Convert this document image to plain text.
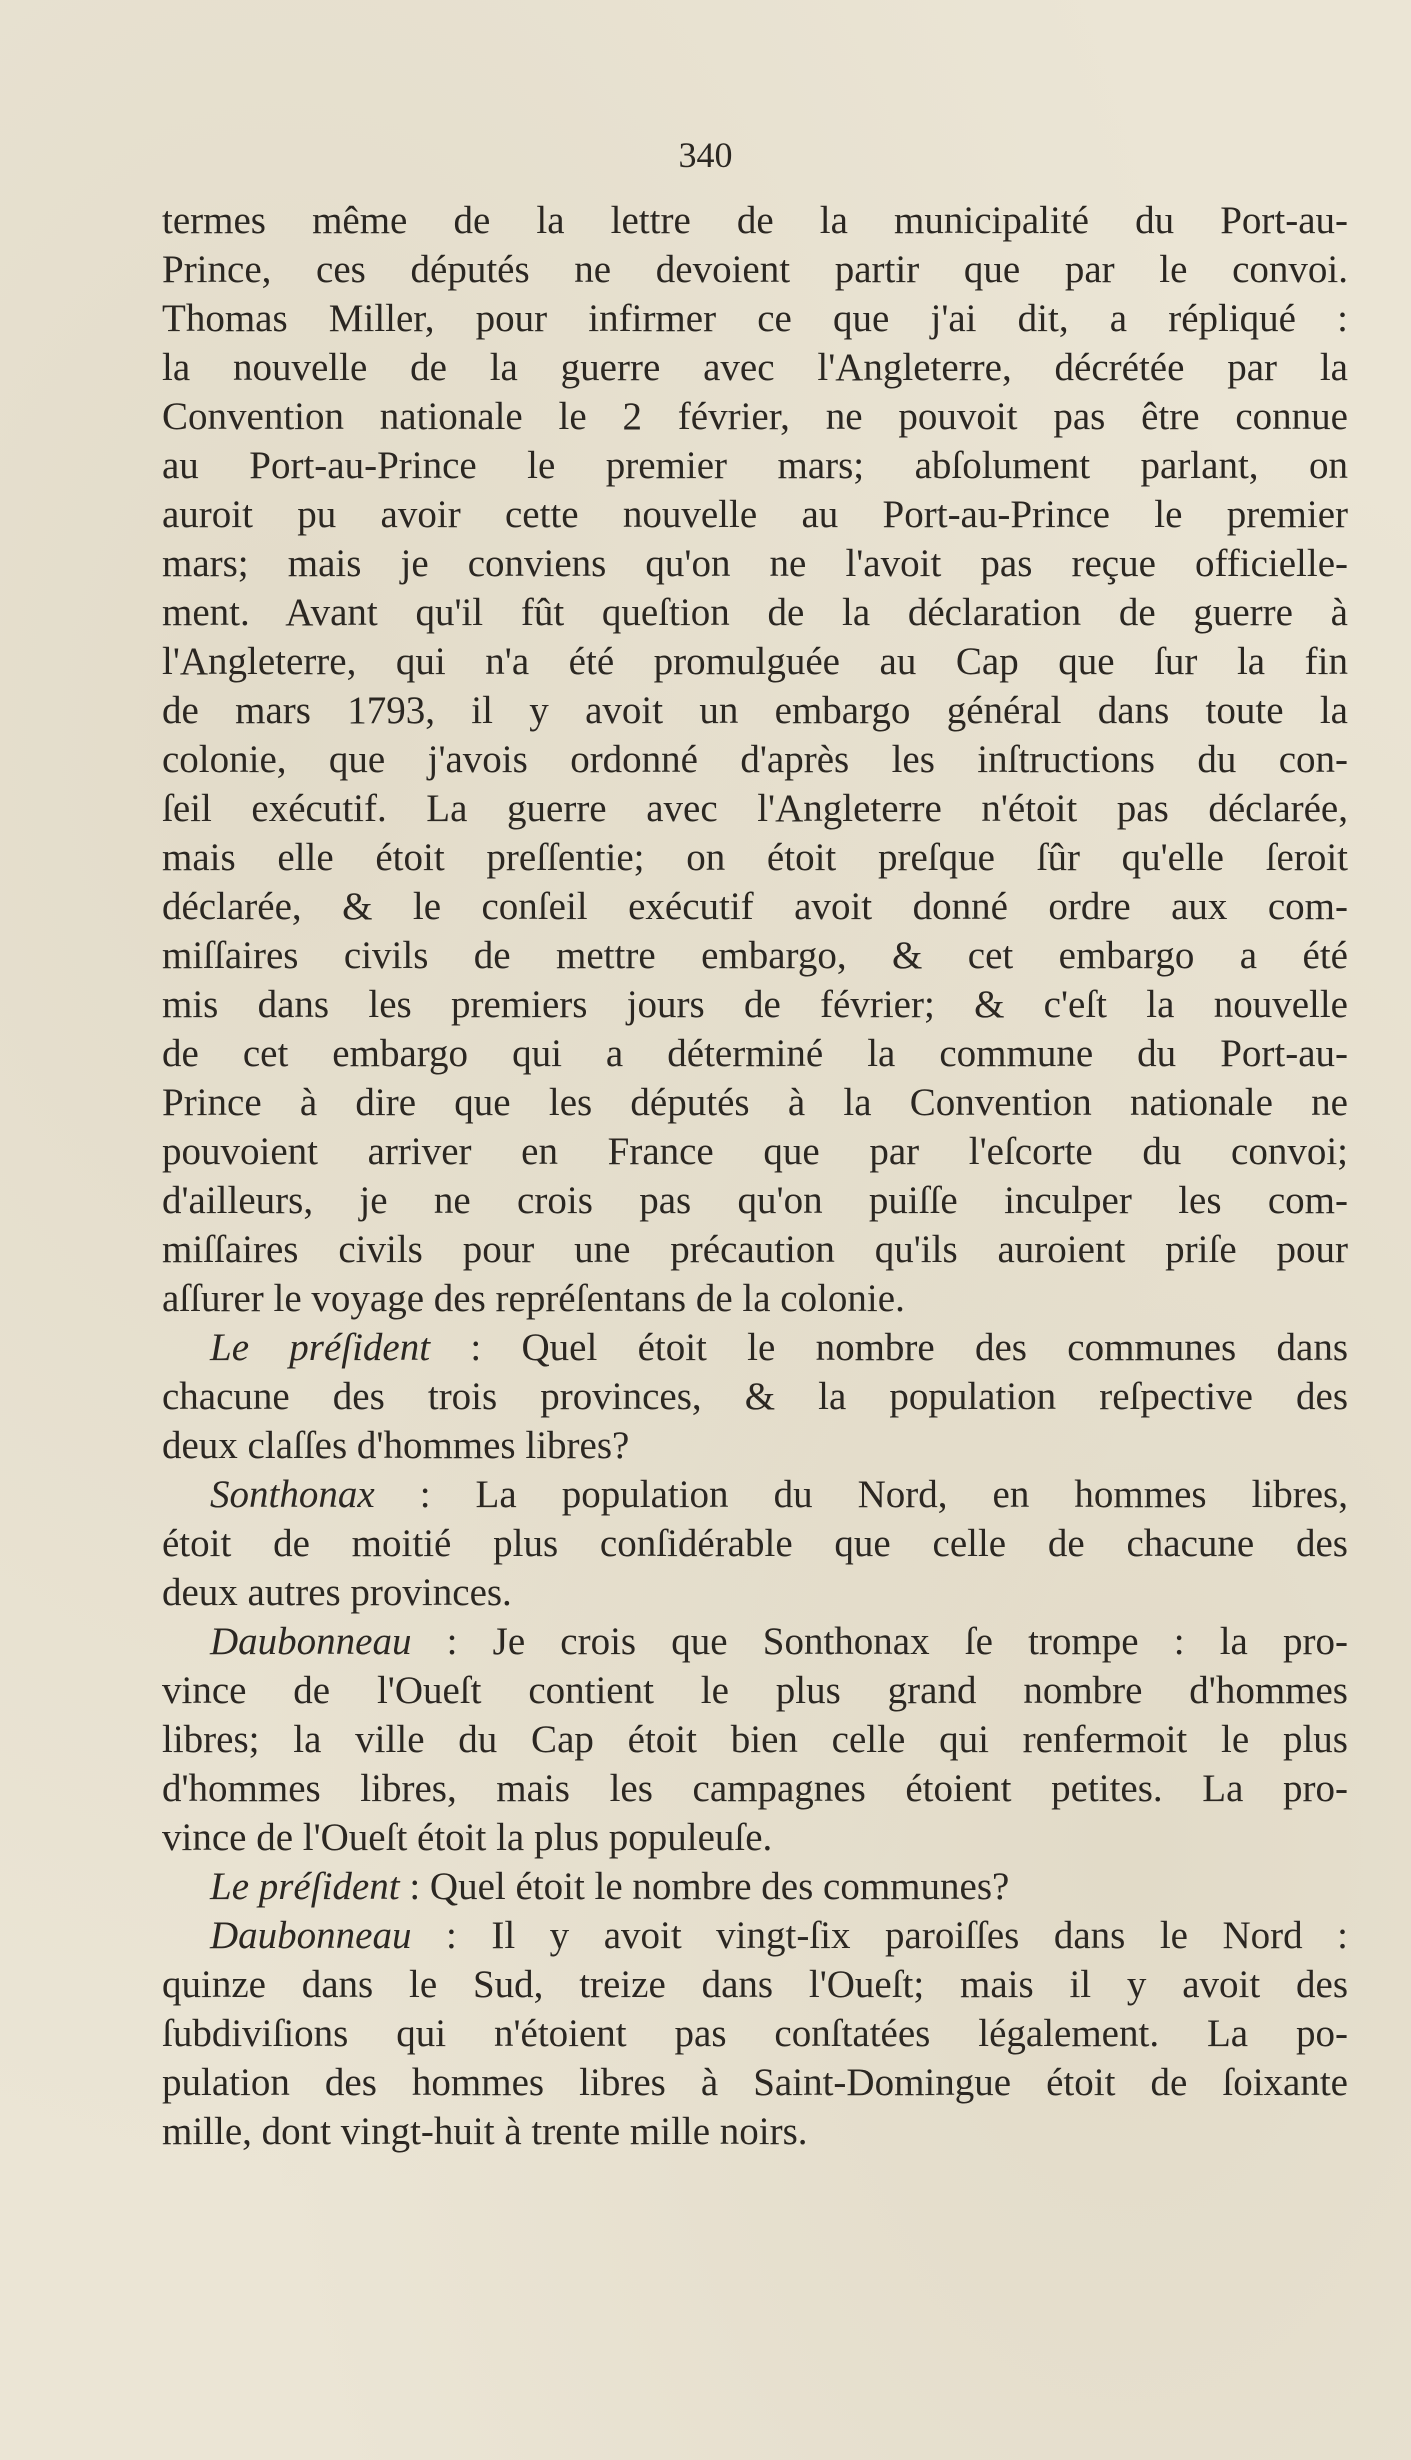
340
termes même de la lettre de la municipalité du Port-au-
Prince, ces députés ne devoient partir que par le convoi.
Thomas Miller, pour infirmer ce que j'ai dit, a répliqué :
la nouvelle de la guerre avec l'Angleterre, décrétée par la
Convention nationale le 2 février, ne pouvoit pas être connue
au Port-au-Prince le premier mars; abſolument parlant, on
auroit pu avoir cette nouvelle au Port-au-Prince le premier
mars; mais je conviens qu'on ne l'avoit pas reçue officielle-
ment. Avant qu'il fût queſtion de la déclaration de guerre à
l'Angleterre, qui n'a été promulguée au Cap que ſur la fin
de mars 1793, il y avoit un embargo général dans toute la
colonie, que j'avois ordonné d'après les inſtructions du con-
ſeil exécutif. La guerre avec l'Angleterre n'étoit pas déclarée,
mais elle étoit preſſentie; on étoit preſque ſûr qu'elle ſeroit
déclarée, & le conſeil exécutif avoit donné ordre aux com-
miſſaires civils de mettre embargo, & cet embargo a été
mis dans les premiers jours de février; & c'eſt la nouvelle
de cet embargo qui a déterminé la commune du Port-au-
Prince à dire que les députés à la Convention nationale ne
pouvoient arriver en France que par l'eſcorte du convoi;
d'ailleurs, je ne crois pas qu'on puiſſe inculper les com-
miſſaires civils pour une précaution qu'ils auroient priſe pour
aſſurer le voyage des repréſentans de la colonie.
Le préſident : Quel étoit le nombre des communes dans
chacune des trois provinces, & la population reſpective des
deux claſſes d'hommes libres?
Sonthonax : La population du Nord, en hommes libres,
étoit de moitié plus conſidérable que celle de chacune des
deux autres provinces.
Daubonneau : Je crois que Sonthonax ſe trompe : la pro-
vince de l'Oueſt contient le plus grand nombre d'hommes
libres; la ville du Cap étoit bien celle qui renfermoit le plus
d'hommes libres, mais les campagnes étoient petites. La pro-
vince de l'Oueſt étoit la plus populeuſe.
Le préſident : Quel étoit le nombre des communes?
Daubonneau : Il y avoit vingt-ſix paroiſſes dans le Nord :
quinze dans le Sud, treize dans l'Oueſt; mais il y avoit des
ſubdiviſions qui n'étoient pas conſtatées légalement. La po-
pulation des hommes libres à Saint-Domingue étoit de ſoixante
mille, dont vingt-huit à trente mille noirs.
